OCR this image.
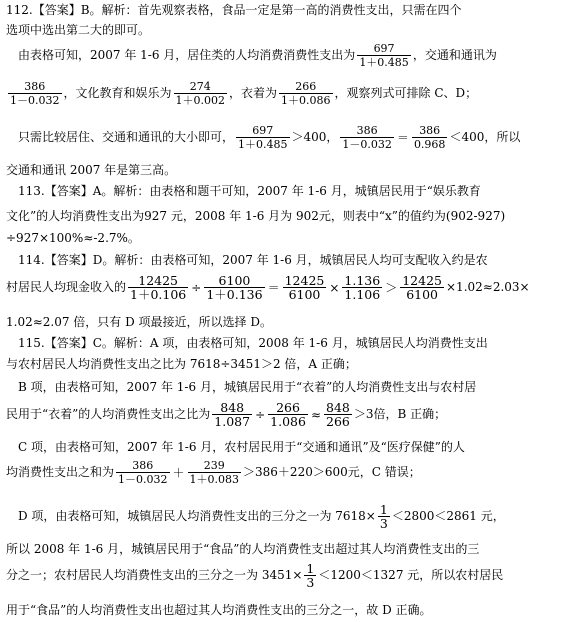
112.【答案】B。解析：首先观察表格，食品一定是第一高的消费性支出，只需在四个
选项中选出第二大的即可。
由表格可知，2007 年 1-6 月，居住类的人均消费消费性支出为 $\frac{697}{1+0.485}$ ，交通和通讯为
$\frac{386}{1-0.032}$ ，文化教育和娱乐为 $\frac{274}{1+0.002}$ ，衣着为 $\frac{266}{1+0.086}$ ，观察列式可排除 C、D；
只需比较居住、交通和通讯的大小即可， $\frac{697}{1+0.485} >400$， $\frac{386}{1-0.032} = \frac{386}{0.968} <400$，所以
交通和通讯 2007 年是第三高。
113.【答案】A。解析：由表格和题干可知，2007 年 1-6 月，城镇居民用于“娱乐教育
文化”的人均消费性支出为927 元，2008 年 1-6 月为 902元，则表中“x”的值约为(902-927)
÷927×100%≈-2.7%。
114.【答案】D。解析：由表格可知，2007 年 1-6 月，城镇居民人均可支配收入约是农
村居民人均现金收入的 $\frac{12425}{1+0.106} \div \frac{6100}{1+0.136} = \frac{12425}{6100} \times \frac{1.136}{1.106} > \frac{12425}{6100} \times 1.02\approx 2.03\times$
1.02≈2.07 倍，只有 D 项最接近，所以选择 D。
115.【答案】C。解析：A 项，由表格可知，2008 年 1-6 月，城镇居民人均消费性支出
与农村居民人均消费性支出之比为 7618÷3451＞2 倍，A 正确；
B 项，由表格可知，2007 年 1-6 月，城镇居民用于“衣着”的人均消费性支出与农村居
民用于“衣着”的人均消费性支出之比为 $\frac{848}{1.087} \div \frac{266}{1.086} \approx \frac{848}{266} >3$倍，B 正确；
C 项，由表格可知，2007 年 1-6 月，农村居民用于“交通和通讯”及“医疗保健”的人
均消费性支出之和为 $\frac{386}{1-0.032} + \frac{239}{1+0.083} >386+220>600$元，C 错误；
D 项，由表格可知，城镇居民人均消费性支出的三分之一为 $7618\times \frac{1}{3} <2800<2861$ 元，
所以 2008 年 1-6 月，城镇居民用于“食品”的人均消费性支出超过其人均消费性支出的三
分之一；农村居民人均消费性支出的三分之一为 $3451\times \frac{1}{3} <1200<1327$ 元，所以农村居民
用于“食品”的人均消费性支出也超过其人均消费性支出的三分之一，故 D 正确。
